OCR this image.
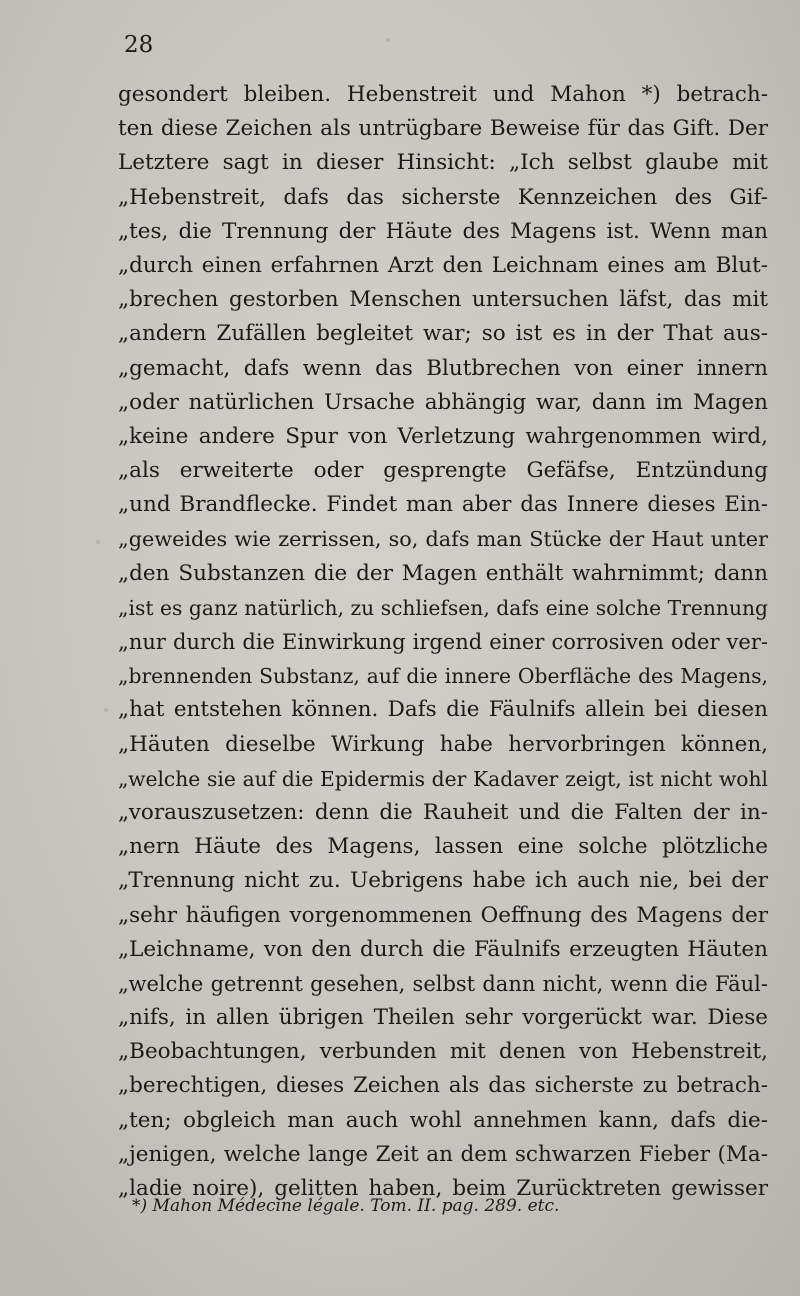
28
gesondert bleiben. Hebenstreit und Mahon *) betrach-
ten diese Zeichen als untrügbare Beweise für das Gift. Der
Letztere sagt in dieser Hinsicht: „Ich selbst glaube mit
„Hebenstreit, dafs das sicherste Kennzeichen des Gif-
„tes, die Trennung der Häute des Magens ist. Wenn man
„durch einen erfahrnen Arzt den Leichnam eines am Blut-
„brechen gestorben Menschen untersuchen läfst, das mit
„andern Zufällen begleitet war; so ist es in der That aus-
„gemacht, dafs wenn das Blutbrechen von einer innern
„oder natürlichen Ursache abhängig war, dann im Magen
„keine andere Spur von Verletzung wahrgenommen wird,
„als erweiterte oder gesprengte Gefäfse, Entzündung
„und Brandflecke. Findet man aber das Innere dieses Ein-
„geweides wie zerrissen, so, dafs man Stücke der Haut unter
„den Substanzen die der Magen enthält wahrnimmt; dann
„ist es ganz natürlich, zu schliefsen, dafs eine solche Trennung
„nur durch die Einwirkung irgend einer corrosiven oder ver-
„brennenden Substanz, auf die innere Oberfläche des Magens,
„hat entstehen können. Dafs die Fäulnifs allein bei diesen
„Häuten dieselbe Wirkung habe hervorbringen können,
„welche sie auf die Epidermis der Kadaver zeigt, ist nicht wohl
„vorauszusetzen: denn die Rauheit und die Falten der in-
„nern Häute des Magens, lassen eine solche plötzliche
„Trennung nicht zu. Uebrigens habe ich auch nie, bei der
„sehr häufigen vorgenommenen Oeffnung des Magens der
„Leichname, von den durch die Fäulnifs erzeugten Häuten
„welche getrennt gesehen, selbst dann nicht, wenn die Fäul-
„nifs, in allen übrigen Theilen sehr vorgerückt war. Diese
„Beobachtungen, verbunden mit denen von Hebenstreit,
„berechtigen, dieses Zeichen als das sicherste zu betrach-
„ten; obgleich man auch wohl annehmen kann, dafs die-
„jenigen, welche lange Zeit an dem schwarzen Fieber (Ma-
„ladie noire), gelitten haben, beim Zurücktreten gewisser
*) Mahon Médecine légale. Tom. II. pag. 289. etc.
